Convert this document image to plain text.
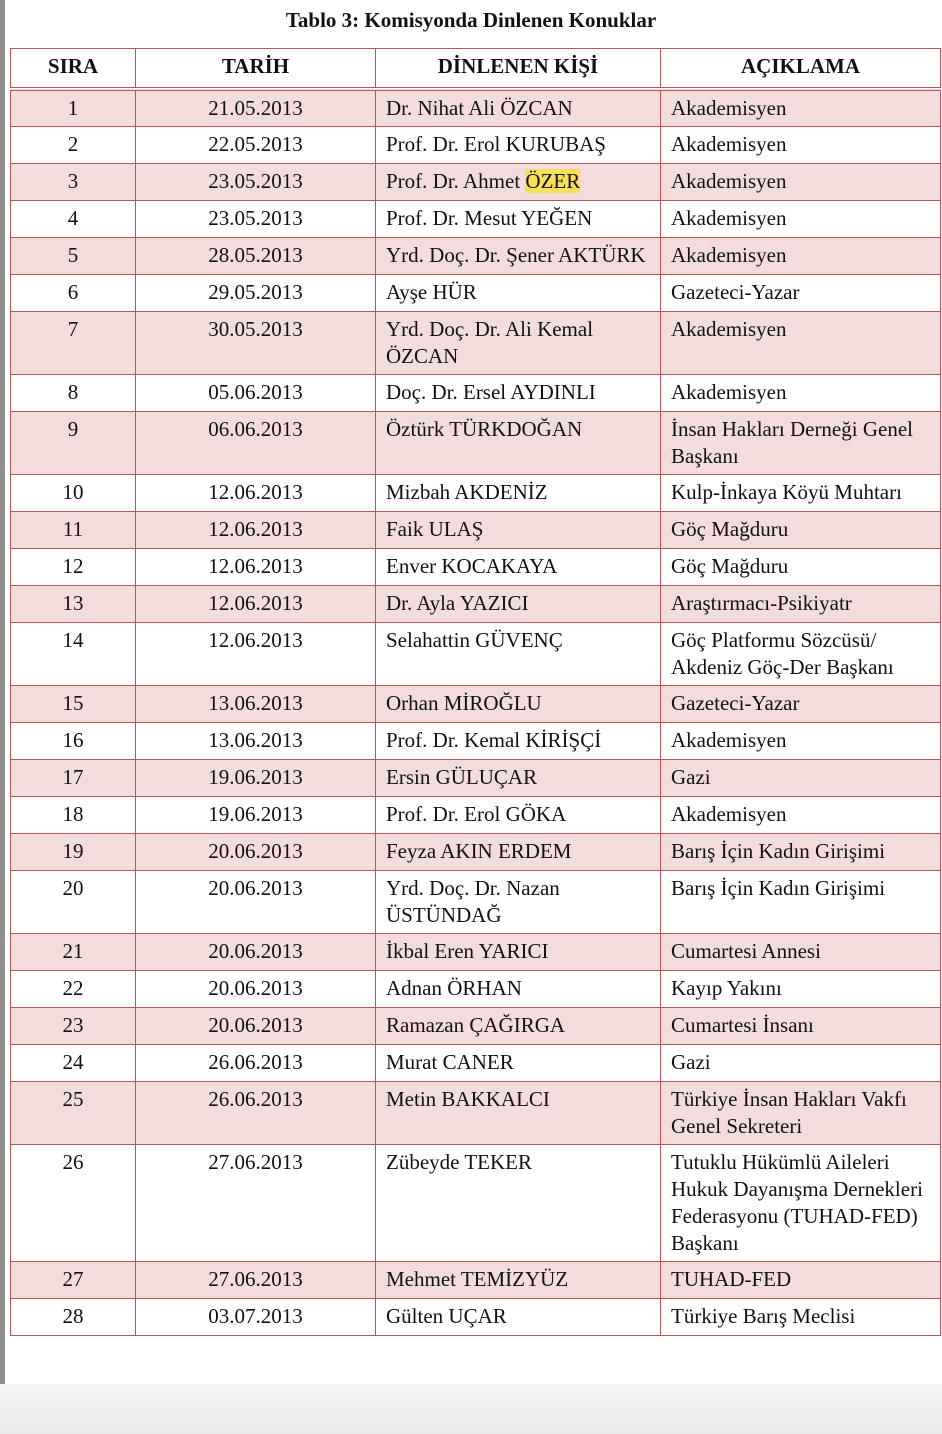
Tablo 3: Komisyonda Dinlenen Konuklar
SIRA	TARİH	DİNLENEN KİŞİ	AÇIKLAMA
1	21.05.2013	Dr. Nihat Ali ÖZCAN	Akademisyen
2	22.05.2013	Prof. Dr. Erol KURUBAŞ	Akademisyen
3	23.05.2013	Prof. Dr. Ahmet ÖZER	Akademisyen
4	23.05.2013	Prof. Dr. Mesut YEĞEN	Akademisyen
5	28.05.2013	Yrd. Doç. Dr. Şener AKTÜRK	Akademisyen
6	29.05.2013	Ayşe HÜR	Gazeteci-Yazar
7	30.05.2013	Yrd. Doç. Dr. Ali Kemal ÖZCAN	Akademisyen
8	05.06.2013	Doç. Dr. Ersel AYDINLI	Akademisyen
9	06.06.2013	Öztürk TÜRKDOĞAN	İnsan Hakları Derneği Genel Başkanı
10	12.06.2013	Mizbah AKDENİZ	Kulp-İnkaya Köyü Muhtarı
11	12.06.2013	Faik ULAŞ	Göç Mağduru
12	12.06.2013	Enver KOCAKAYA	Göç Mağduru
13	12.06.2013	Dr. Ayla YAZICI	Araştırmacı-Psikiyatr
14	12.06.2013	Selahattin GÜVENÇ	Göç Platformu Sözcüsü/ Akdeniz Göç-Der Başkanı
15	13.06.2013	Orhan MİROĞLU	Gazeteci-Yazar
16	13.06.2013	Prof. Dr. Kemal KİRİŞÇİ	Akademisyen
17	19.06.2013	Ersin GÜLUÇAR	Gazi
18	19.06.2013	Prof. Dr. Erol GÖKA	Akademisyen
19	20.06.2013	Feyza AKIN ERDEM	Barış İçin Kadın Girişimi
20	20.06.2013	Yrd. Doç. Dr. Nazan ÜSTÜNDAĞ	Barış İçin Kadın Girişimi
21	20.06.2013	İkbal Eren YARICI	Cumartesi Annesi
22	20.06.2013	Adnan ÖRHAN	Kayıp Yakını
23	20.06.2013	Ramazan ÇAĞIRGA	Cumartesi İnsanı
24	26.06.2013	Murat CANER	Gazi
25	26.06.2013	Metin BAKKALCI	Türkiye İnsan Hakları Vakfı Genel Sekreteri
26	27.06.2013	Zübeyde TEKER	Tutuklu Hükümlü Aileleri Hukuk Dayanışma Dernekleri Federasyonu (TUHAD-FED) Başkanı
27	27.06.2013	Mehmet TEMİZYÜZ	TUHAD-FED
28	03.07.2013	Gülten UÇAR	Türkiye Barış Meclisi
